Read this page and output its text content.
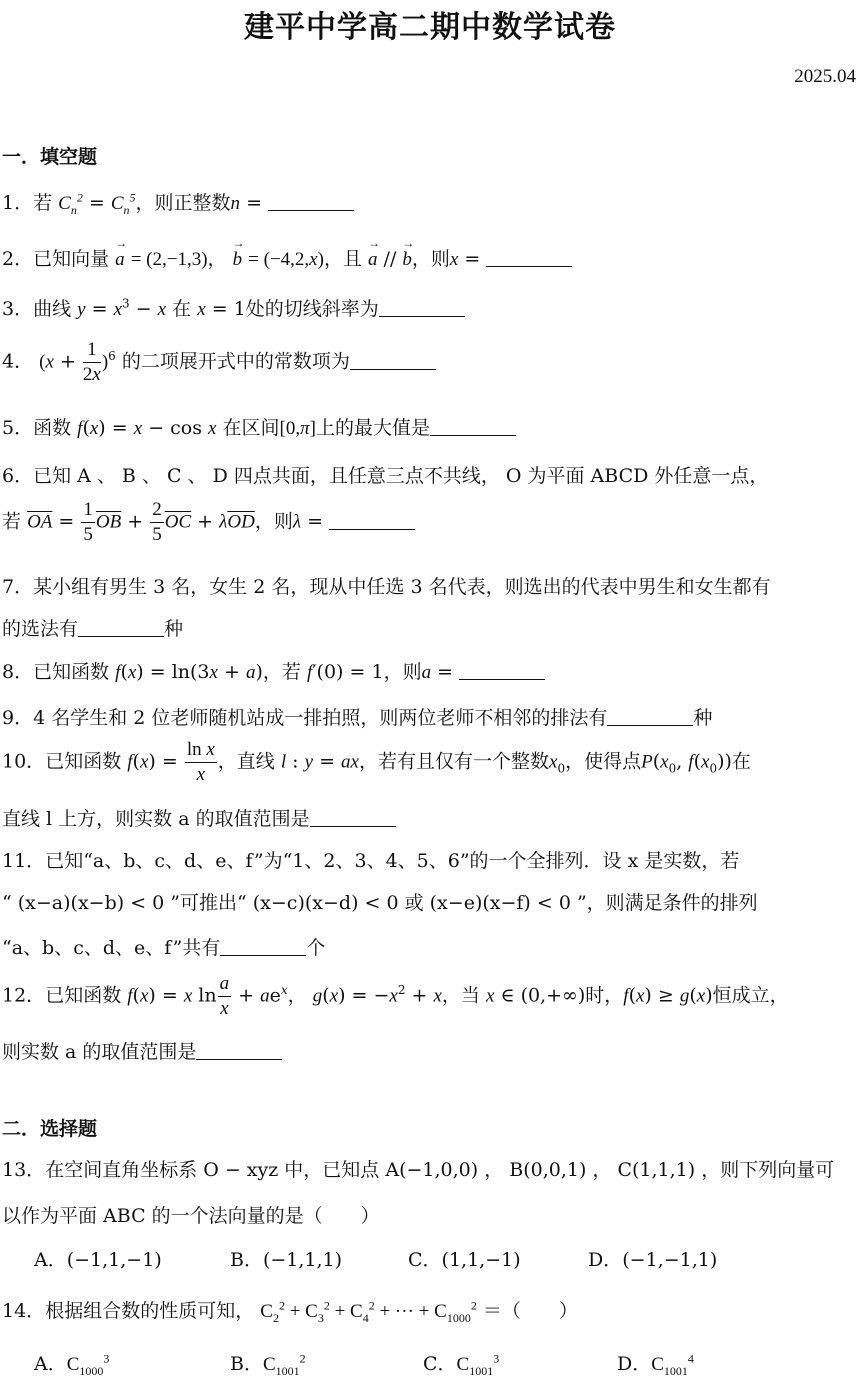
建平中学高二期中数学试卷
2025.04
一．填空题
1．若 $C_n^2 = C_n^5$，则正整数n =
2．已知向量 → a = (2,−1,3)， → b = (−4,2,x)，且 → a // → b，则x =
3．曲线 $y = x^3 - x$ 在 x = 1处的切线斜率为
4． $(x + \frac{1}{2x} )^6$ 的二项展开式中的常数项为
5．函数 f(x) = x − cos x 在区间[0,π]上的最大值是
6．已知 A 、 B 、 C 、 D 四点共面，且任意三点不共线， O 为平面 ABCD 外任意一点，
若 $\overline{OA} = \frac{1}{5} \overline{OB} + \frac{2}{5} \overline{OC} + \lambda\overline{OD}$，则λ =
7．某小组有男生 3 名，女生 2 名，现从中任选 3 名代表，则选出的代表中男生和女生都有
的选法有	种
8．已知函数 f(x) = ln(3x + a)，若 f′(0) = 1，则a =
9．4 名学生和 2 位老师随机站成一排拍照，则两位老师不相邻的排法有	种
10．已知函数 $f(x) = \frac{\text{ln x}}{x}$ ，直线 l : y = ax，若有且仅有一个整数$x_0$，使得点$P(x_0$, $f(x_0)$)在
直线 l 上方，则实数 a 的取值范围是
11．已知“a、b、c、d、e、f”为“1、2、3、4、5、6”的一个全排列．设 x 是实数，若
“ (x−a)(x−b) < 0 ”可推出“ (x−c)(x−d) < 0 或 (x−e)(x−f) < 0 ”，则满足条件的排列
“a、b、c、d、e、f”共有	个
12．已知函数 f(x) = x $\ln \frac{a}{x} + ae^x$， $g(x) = -x^2 + x$，当 x ∈ (0,+∞)时，f(x) ≥ g(x)恒成立，
则实数 a 的取值范围是
二．选择题
13．在空间直角坐标系 O − xyz 中，已知点 A(−1,0,0) ， B(0,0,1) ， C(1,1,1) ，则下列向量可
以作为平面 ABC 的一个法向量的是（　　）
A．(−1,1,−1)	B．(−1,1,1)	C．(1,1,−1)	D．(−1,−1,1)
14．根据组合数的性质可知， $C_2^2 + C_3^2 + C_4^2$ + ··· + $C_{1000}^2$ ＝（　　）
A．$C_{1000}^3$	B．$C_{1001}^2$	C．$C_{1001}^3$	D．$C_{1001}^4$
